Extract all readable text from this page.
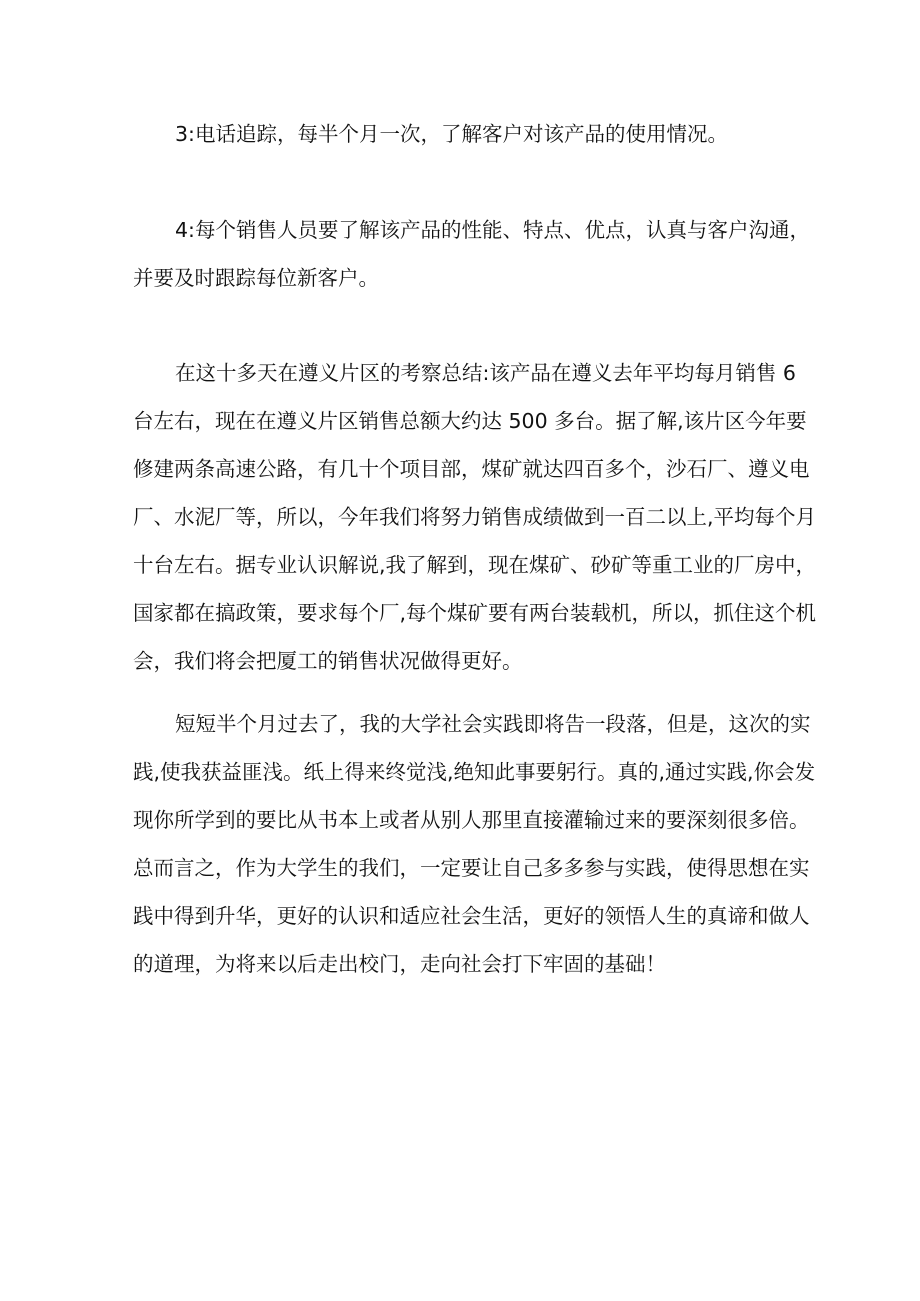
3:电话追踪，每半个月一次，了解客户对该产品的使用情况。
4:每个销售人员要了解该产品的性能、特点、优点，认真与客户沟通，
并要及时跟踪每位新客户。
在这十多天在遵义片区的考察总结:该产品在遵义去年平均每月销售 6
台左右，现在在遵义片区销售总额大约达 500 多台。据了解,该片区今年要
修建两条高速公路，有几十个项目部，煤矿就达四百多个，沙石厂、遵义电
厂、水泥厂等，所以，今年我们将努力销售成绩做到一百二以上,平均每个月
十台左右。据专业认识解说,我了解到，现在煤矿、砂矿等重工业的厂房中，
国家都在搞政策，要求每个厂,每个煤矿要有两台装载机，所以，抓住这个机
会，我们将会把厦工的销售状况做得更好。
短短半个月过去了，我的大学社会实践即将告一段落，但是，这次的实
践,使我获益匪浅。纸上得来终觉浅,绝知此事要躬行。真的,通过实践,你会发
现你所学到的要比从书本上或者从别人那里直接灌输过来的要深刻很多倍。
总而言之，作为大学生的我们，一定要让自己多多参与实践，使得思想在实
践中得到升华，更好的认识和适应社会生活，更好的领悟人生的真谛和做人
的道理，为将来以后走出校门，走向社会打下牢固的基础！
